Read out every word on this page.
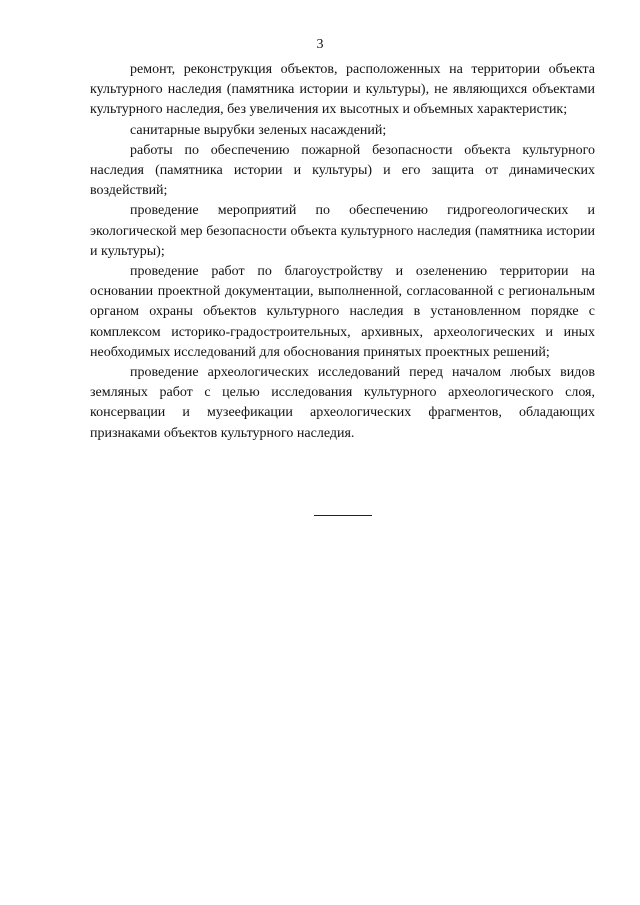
3

ремонт, реконструкция объектов, расположенных на территории объекта культурного наследия (памятника истории и культуры), не являющихся объектами культурного наследия, без увеличения их высотных и объемных характеристик;

санитарные вырубки зеленых насаждений;

работы по обеспечению пожарной безопасности объекта культурного наследия (памятника истории и культуры) и его защита от динамических воздействий;

проведение мероприятий по обеспечению гидрогеологических и экологической мер безопасности объекта культурного наследия (памятника истории и культуры);

проведение работ по благоустройству и озеленению территории на основании проектной документации, выполненной, согласованной с региональным органом охраны объектов культурного наследия в установленном порядке с комплексом историко-градостроительных, архивных, археологических и иных необходимых исследований для обоснования принятых проектных решений;

проведение археологических исследований перед началом любых видов земляных работ с целью исследования культурного археологического слоя, консервации и музеефикации археологических фрагментов, обладающих признаками объектов культурного наследия.
